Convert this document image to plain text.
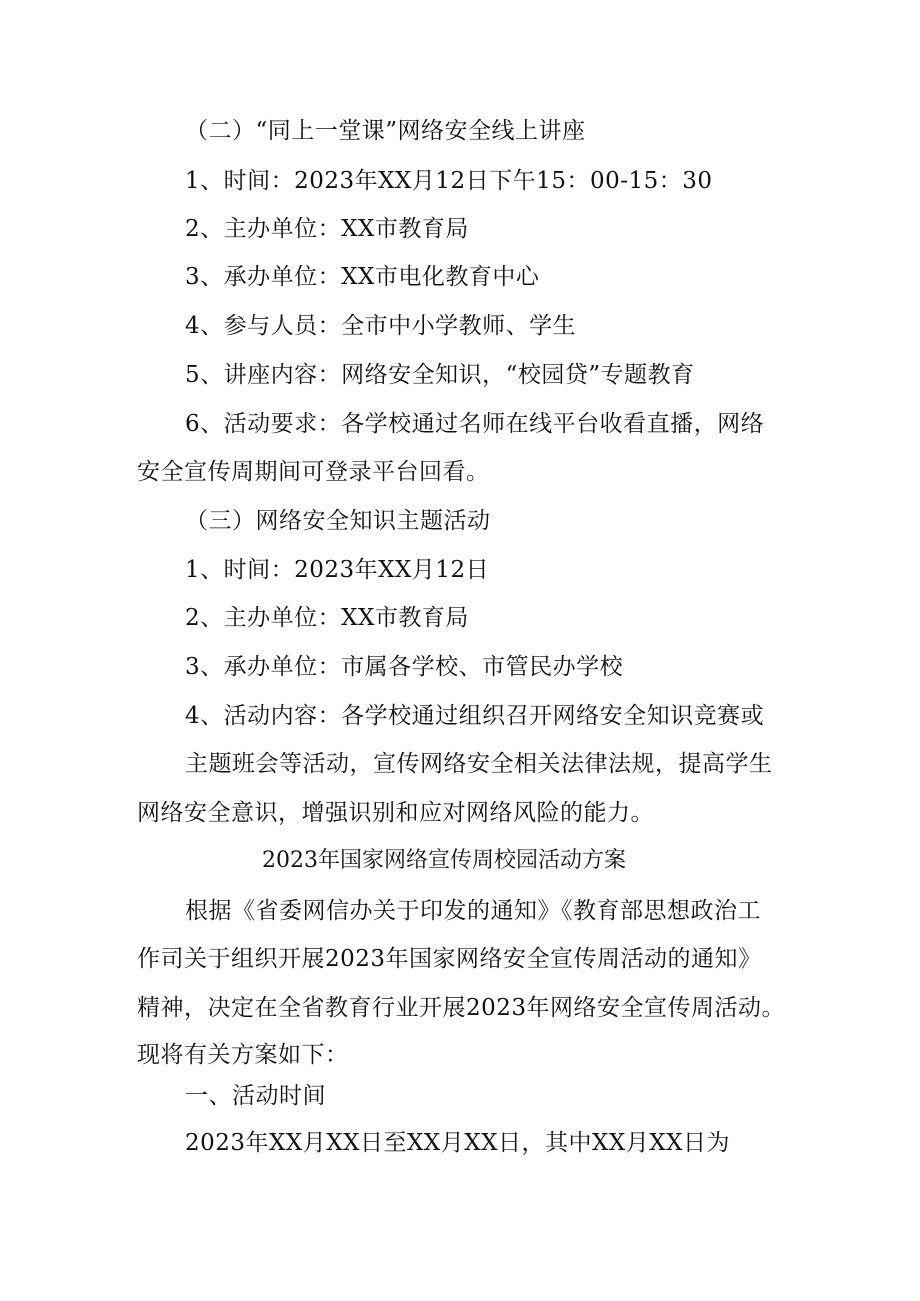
（二）“同上一堂课”网络安全线上讲座
1、时间：2023年XX月12日下午15：00-15：30
2、主办单位：XX市教育局
3、承办单位：XX市电化教育中心
4、参与人员：全市中小学教师、学生
5、讲座内容：网络安全知识，“校园贷”专题教育
6、活动要求：各学校通过名师在线平台收看直播，网络
安全宣传周期间可登录平台回看。
（三）网络安全知识主题活动
1、时间：2023年XX月12日
2、主办单位：XX市教育局
3、承办单位：市属各学校、市管民办学校
4、活动内容：各学校通过组织召开网络安全知识竞赛或
主题班会等活动，宣传网络安全相关法律法规，提高学生
网络安全意识，增强识别和应对网络风险的能力。
2023年国家网络宣传周校园活动方案
根据《省委网信办关于印发的通知》《教育部思想政治工
作司关于组织开展2023年国家网络安全宣传周活动的通知》
精神，决定在全省教育行业开展2023年网络安全宣传周活动。
现将有关方案如下：
一、活动时间
2023年XX月XX日至XX月XX日，其中XX月XX日为
